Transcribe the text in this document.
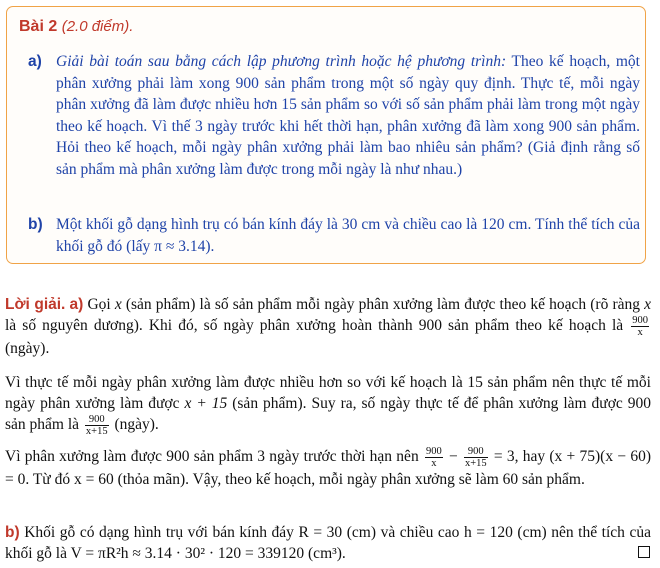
Bài 2 (2.0 điểm).
a) Giải bài toán sau bằng cách lập phương trình hoặc hệ phương trình: Theo kế hoạch, một phân xưởng phải làm xong 900 sản phẩm trong một số ngày quy định. Thực tế, mỗi ngày phân xưởng đã làm được nhiều hơn 15 sản phẩm so với số sản phẩm phải làm trong một ngày theo kế hoạch. Vì thế 3 ngày trước khi hết thời hạn, phân xưởng đã làm xong 900 sản phẩm. Hỏi theo kế hoạch, mỗi ngày phân xưởng phải làm bao nhiêu sản phẩm? (Giả định rằng số sản phẩm mà phân xưởng làm được trong mỗi ngày là như nhau.)
b) Một khối gỗ dạng hình trụ có bán kính đáy là 30 cm và chiều cao là 120 cm. Tính thể tích của khối gỗ đó (lấy π ≈ 3.14).
Lời giải. a) Gọi x (sản phẩm) là số sản phẩm mỗi ngày phân xưởng làm được theo kế hoạch (rõ ràng x là số nguyên dương). Khi đó, số ngày phân xưởng hoàn thành 900 sản phẩm theo kế hoạch là $\frac{900}{x}$
(ngày).
Vì thực tế mỗi ngày phân xưởng làm được nhiều hơn so với kế hoạch là 15 sản phẩm nên thực tế mỗi ngày phân xưởng làm được x + 15 (sản phẩm). Suy ra, số ngày thực tế để phân xưởng làm được 900 sản phẩm là $\frac{900}{x+15}$ (ngày).
Vì phân xưởng làm được 900 sản phẩm 3 ngày trước thời hạn nên $\frac{900}{x} - \frac{900}{x+15} = 3$, hay (x + 75)(x − 60) = 0. Từ đó x = 60 (thỏa mãn). Vậy, theo kế hoạch, mỗi ngày phân xưởng sẽ làm 60 sản phẩm.
b) Khối gỗ có dạng hình trụ với bán kính đáy R = 30 (cm) và chiều cao h = 120 (cm) nên thể tích của khối gỗ là V = πR²h ≈ 3.14 · 30² · 120 = 339120 (cm³).
